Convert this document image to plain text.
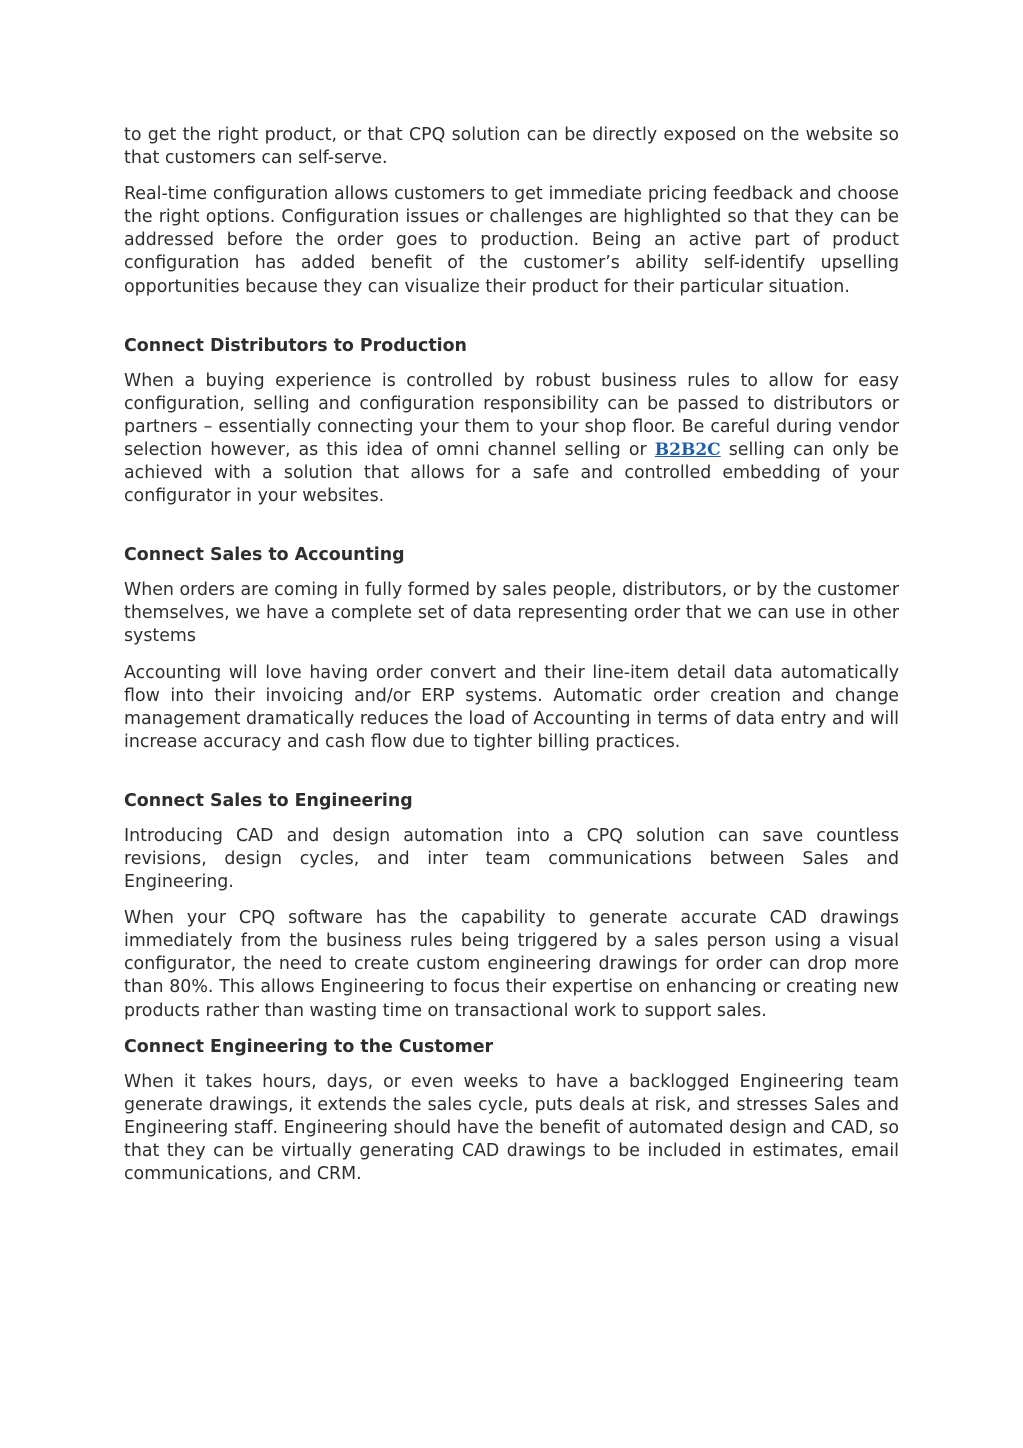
to get the right product, or that CPQ solution can be directly exposed on the website so that customers can self-serve.

Real-time configuration allows customers to get immediate pricing feedback and choose the right options. Configuration issues or challenges are highlighted so that they can be addressed before the order goes to production. Being an active part of product configuration has added benefit of the customer’s ability self-identify upselling opportunities because they can visualize their product for their particular situation.

Connect Distributors to Production

When a buying experience is controlled by robust business rules to allow for easy configuration, selling and configuration responsibility can be passed to distributors or partners – essentially connecting your them to your shop floor. Be careful during vendor selection however, as this idea of omni channel selling or B2B2C selling can only be achieved with a solution that allows for a safe and controlled embedding of your configurator in your websites.

Connect Sales to Accounting

When orders are coming in fully formed by sales people, distributors, or by the customer themselves, we have a complete set of data representing order that we can use in other systems

Accounting will love having order convert and their line-item detail data automatically flow into their invoicing and/or ERP systems. Automatic order creation and change management dramatically reduces the load of Accounting in terms of data entry and will increase accuracy and cash flow due to tighter billing practices.

Connect Sales to Engineering

Introducing CAD and design automation into a CPQ solution can save countless revisions, design cycles, and inter team communications between Sales and Engineering.

When your CPQ software has the capability to generate accurate CAD drawings immediately from the business rules being triggered by a sales person using a visual configurator, the need to create custom engineering drawings for order can drop more than 80%. This allows Engineering to focus their expertise on enhancing or creating new products rather than wasting time on transactional work to support sales.

Connect Engineering to the Customer

When it takes hours, days, or even weeks to have a backlogged Engineering team generate drawings, it extends the sales cycle, puts deals at risk, and stresses Sales and Engineering staff. Engineering should have the benefit of automated design and CAD, so that they can be virtually generating CAD drawings to be included in estimates, email communications, and CRM.
